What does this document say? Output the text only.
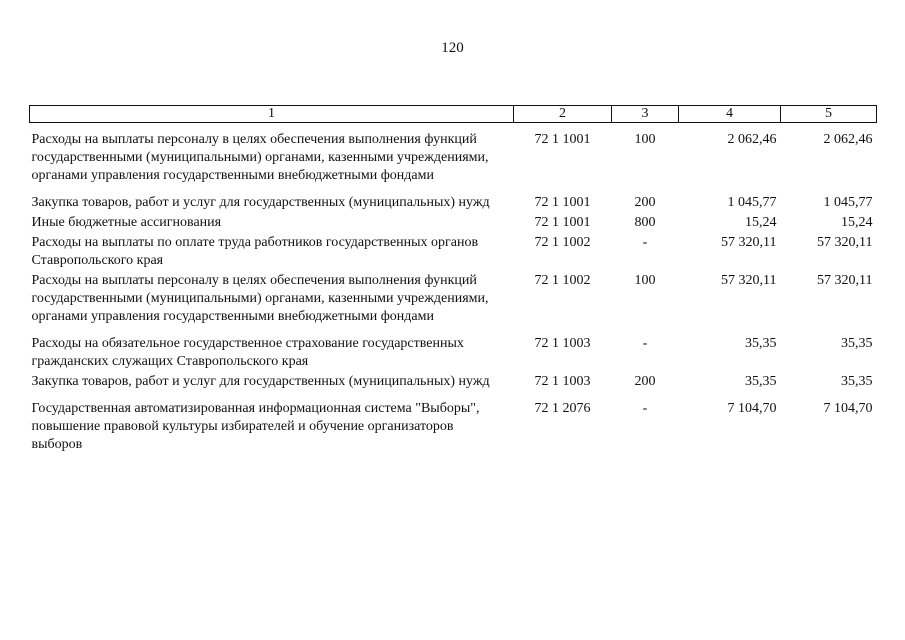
120
1	2	3	4	5

Расходы на выплаты персоналу в целях обеспечения выполнения функций государственными (муниципальными) органами, казенными учреждениями, органами управления государственными внебюджетными фондами	72 1 1001	100	2 062,46	2 062,46

Закупка товаров, работ и услуг для государственных (муниципальных) нужд	72 1 1001	200	1 045,77	1 045,77
Иные бюджетные ассигнования	72 1 1001	800	15,24	15,24
Расходы на выплаты по оплате труда работников государственных органов Ставропольского края	72 1 1002	-	57 320,11	57 320,11
Расходы на выплаты персоналу в целях обеспечения выполнения функций государственными (муниципальными) органами, казенными учреждениями, органами управления государственными внебюджетными фондами	72 1 1002	100	57 320,11	57 320,11

Расходы на обязательное государственное страхование государственных гражданских служащих Ставропольского края	72 1 1003	-	35,35	35,35
Закупка товаров, работ и услуг для государственных (муниципальных) нужд	72 1 1003	200	35,35	35,35

Государственная автоматизированная информационная система "Выборы", повышение правовой культуры избирателей и обучение организаторов выборов	72 1 2076	-	7 104,70	7 104,70
